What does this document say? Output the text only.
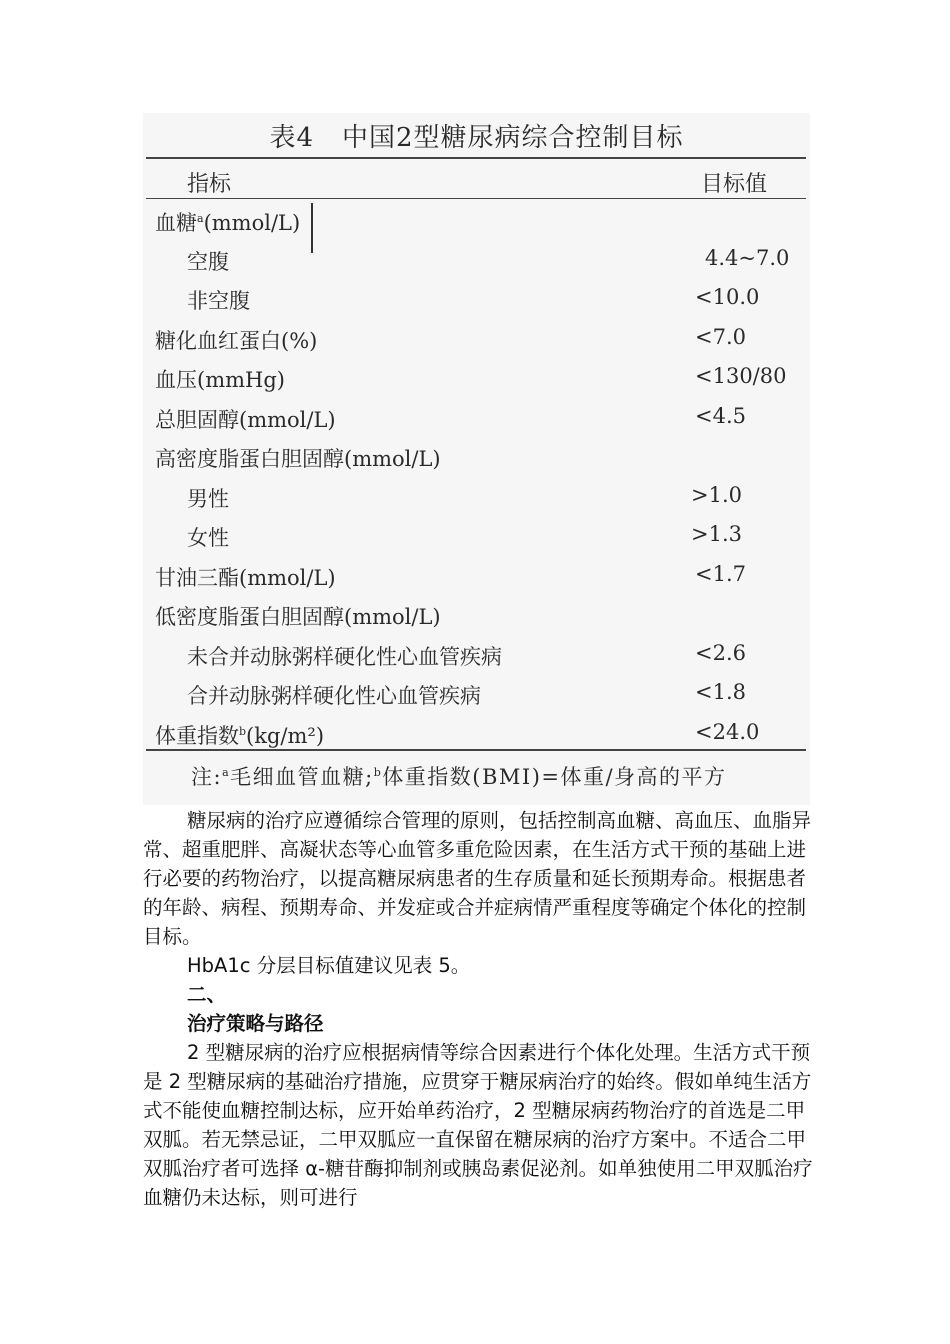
表4 中国2型糖尿病综合控制目标
指标	目标值
血糖$^a$(mmol/L)
空腹	4.4~7.0
非空腹	<10.0
糖化血红蛋白(%)	<7.0
血压(mmHg)	<130/80
总胆固醇(mmol/L)	<4.5
高密度脂蛋白胆固醇(mmol/L)
男性	>1.0
女性	>1.3
甘油三酯(mmol/L)	<1.7
低密度脂蛋白胆固醇(mmol/L)
未合并动脉粥样硬化性心血管疾病	<2.6
合并动脉粥样硬化性心血管疾病	<1.8
体重指数$^b$(kg/m²)	<24.0
注:$^a$毛细血管血糖;$^b$体重指数(BMI)=体重/身高的平方

糖尿病的治疗应遵循综合管理的原则，包括控制高血糖、高血压、血脂异常、超重肥胖、高凝状态等心血管多重危险因素，在生活方式干预的基础上进行必要的药物治疗，以提高糖尿病患者的生存质量和延长预期寿命。根据患者的年龄、病程、预期寿命、并发症或合并症病情严重程度等确定个体化的控制目标。

HbA1c 分层目标值建议见表 5。

二、

治疗策略与路径

2 型糖尿病的治疗应根据病情等综合因素进行个体化处理。生活方式干预是 2 型糖尿病的基础治疗措施，应贯穿于糖尿病治疗的始终。假如单纯生活方式不能使血糖控制达标，应开始单药治疗，2 型糖尿病药物治疗的首选是二甲双胍。若无禁忌证，二甲双胍应一直保留在糖尿病的治疗方案中。不适合二甲双胍治疗者可选择 α-糖苷酶抑制剂或胰岛素促泌剂。如单独使用二甲双胍治疗血糖仍未达标，则可进行
